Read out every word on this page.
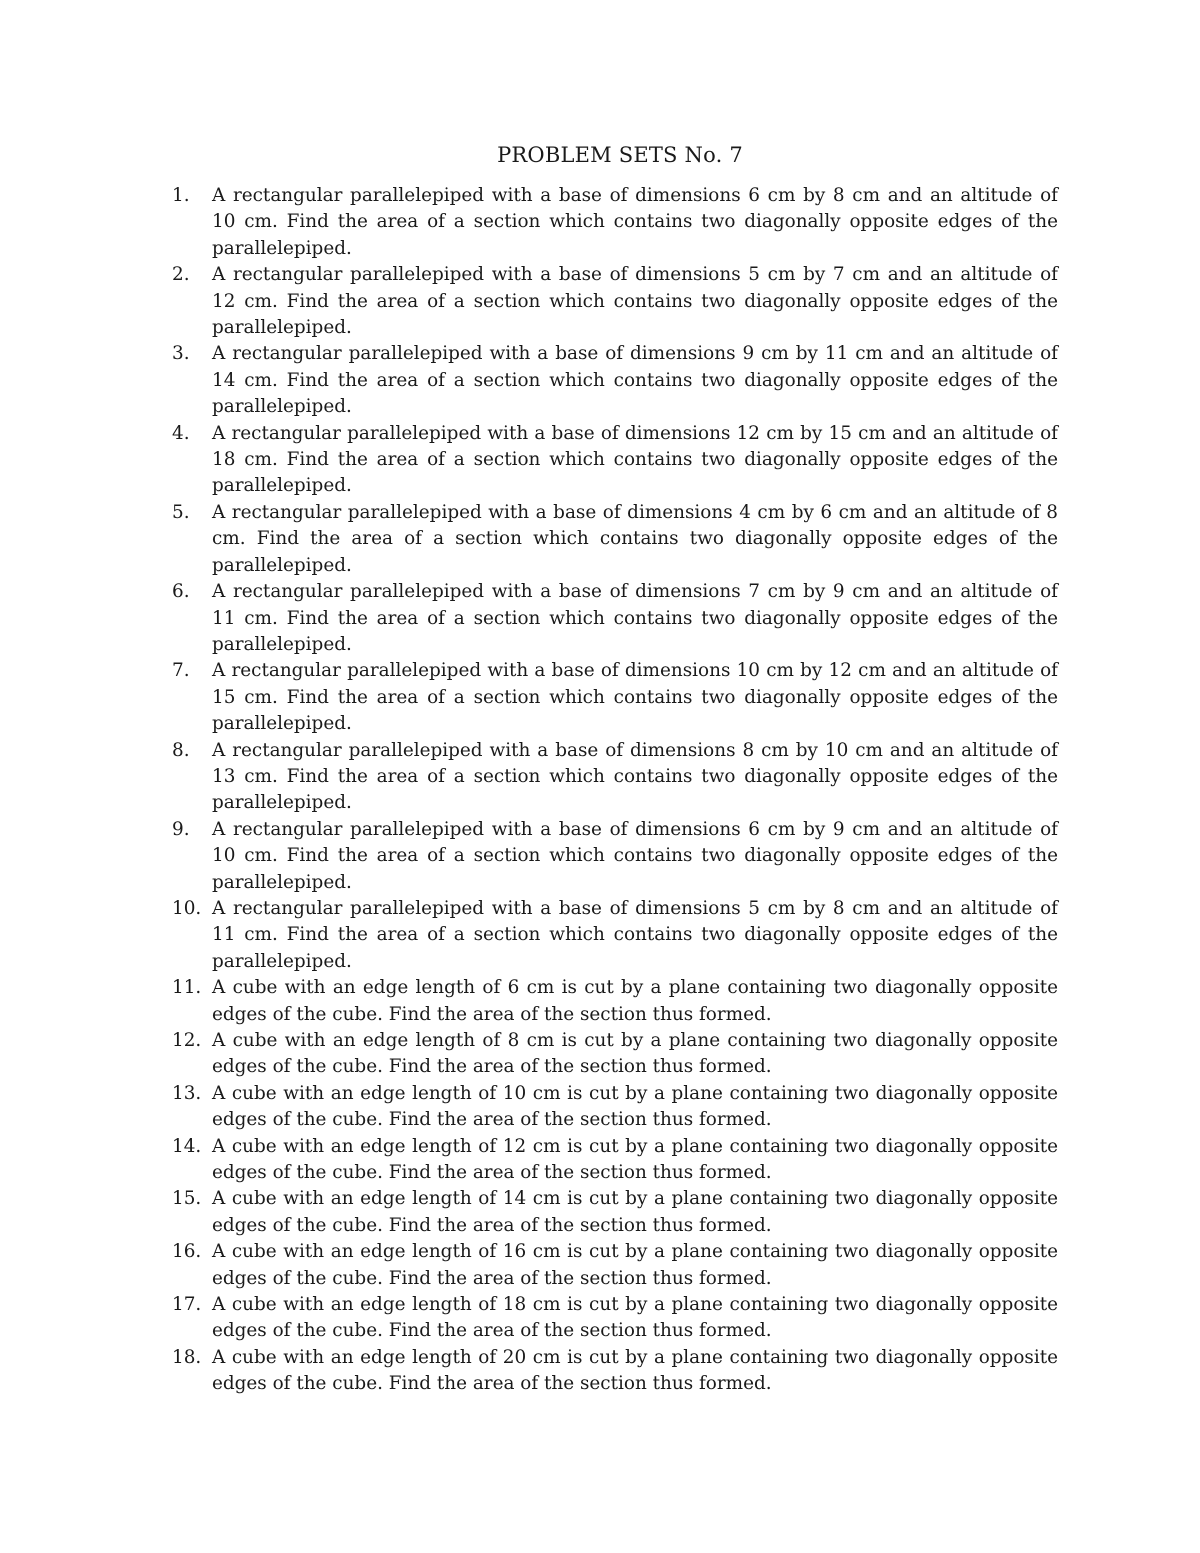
PROBLEM SETS No. 7
1. A rectangular parallelepiped with a base of dimensions 6 cm by 8 cm and an altitude of 10 cm. Find the area of a section which contains two diagonally opposite edges of the parallelepiped.
2. A rectangular parallelepiped with a base of dimensions 5 cm by 7 cm and an altitude of 12 cm. Find the area of a section which contains two diagonally opposite edges of the parallelepiped.
3. A rectangular parallelepiped with a base of dimensions 9 cm by 11 cm and an altitude of 14 cm. Find the area of a section which contains two diagonally opposite edges of the parallelepiped.
4. A rectangular parallelepiped with a base of dimensions 12 cm by 15 cm and an altitude of 18 cm. Find the area of a section which contains two diagonally opposite edges of the parallelepiped.
5. A rectangular parallelepiped with a base of dimensions 4 cm by 6 cm and an altitude of 8 cm. Find the area of a section which contains two diagonally opposite edges of the parallelepiped.
6. A rectangular parallelepiped with a base of dimensions 7 cm by 9 cm and an altitude of 11 cm. Find the area of a section which contains two diagonally opposite edges of the parallelepiped.
7. A rectangular parallelepiped with a base of dimensions 10 cm by 12 cm and an altitude of 15 cm. Find the area of a section which contains two diagonally opposite edges of the parallelepiped.
8. A rectangular parallelepiped with a base of dimensions 8 cm by 10 cm and an altitude of 13 cm. Find the area of a section which contains two diagonally opposite edges of the parallelepiped.
9. A rectangular parallelepiped with a base of dimensions 6 cm by 9 cm and an altitude of 10 cm. Find the area of a section which contains two diagonally opposite edges of the parallelepiped.
10. A rectangular parallelepiped with a base of dimensions 5 cm by 8 cm and an altitude of 11 cm. Find the area of a section which contains two diagonally opposite edges of the parallelepiped.
11. A cube with an edge length of 6 cm is cut by a plane containing two diagonally opposite edges of the cube. Find the area of the section thus formed.
12. A cube with an edge length of 8 cm is cut by a plane containing two diagonally opposite edges of the cube. Find the area of the section thus formed.
13. A cube with an edge length of 10 cm is cut by a plane containing two diagonally opposite edges of the cube. Find the area of the section thus formed.
14. A cube with an edge length of 12 cm is cut by a plane containing two diagonally opposite edges of the cube. Find the area of the section thus formed.
15. A cube with an edge length of 14 cm is cut by a plane containing two diagonally opposite edges of the cube. Find the area of the section thus formed.
16. A cube with an edge length of 16 cm is cut by a plane containing two diagonally opposite edges of the cube. Find the area of the section thus formed.
17. A cube with an edge length of 18 cm is cut by a plane containing two diagonally opposite edges of the cube. Find the area of the section thus formed.
18. A cube with an edge length of 20 cm is cut by a plane containing two diagonally opposite edges of the cube. Find the area of the section thus formed.
